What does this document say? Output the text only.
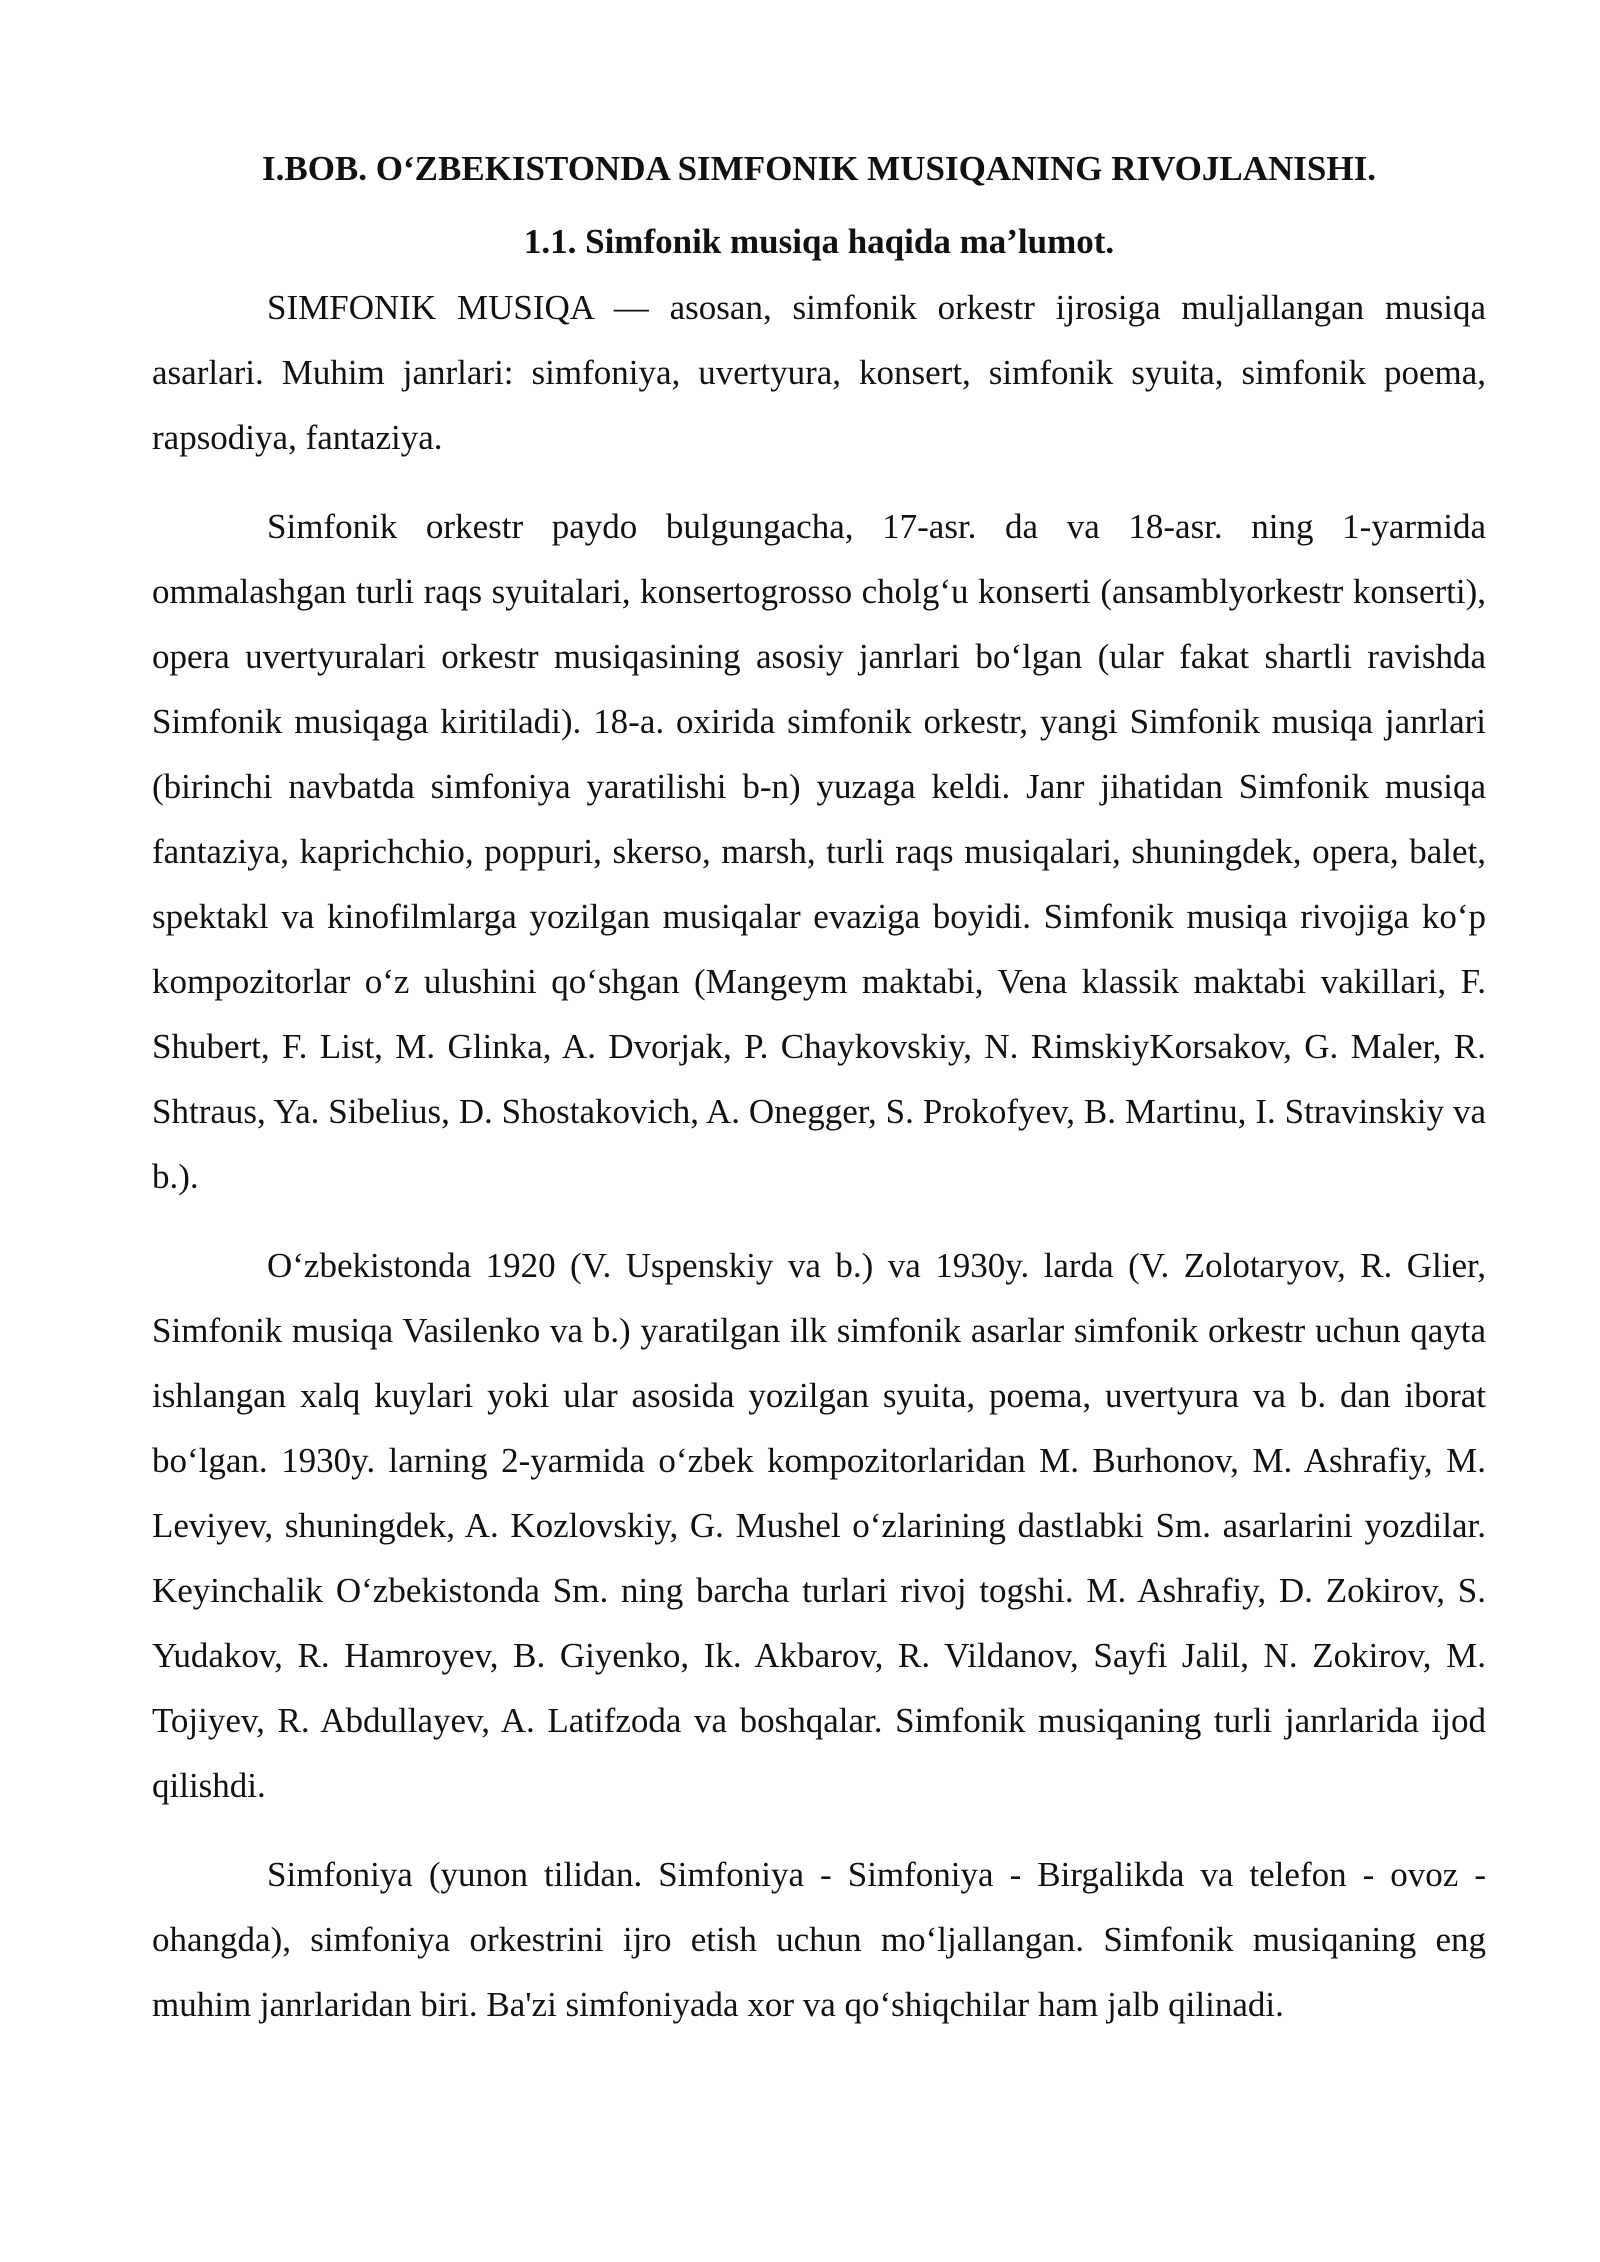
I.BOB. O‘ZBEKISTONDA SIMFONIK MUSIQANING RIVOJLANISHI.
1.1. Simfonik musiqa haqida ma’lumot.

SIMFONIK MUSIQA — asosan, simfonik orkestr ijrosiga muljallangan musiqa asarlari. Muhim janrlari: simfoniya, uvertyura, konsert, simfonik syuita, simfonik poema, rapsodiya, fantaziya.

Simfonik orkestr paydo bulgungacha, 17-asr. da va 18-asr. ning 1-yarmida ommalashgan turli raqs syuitalari, konsertogrosso cholg‘u konserti (ansamblyorkestr konserti), opera uvertyuralari orkestr musiqasining asosiy janrlari bo‘lgan (ular fakat shartli ravishda Simfonik musiqaga kiritiladi). 18-a. oxirida simfonik orkestr, yangi Simfonik musiqa janrlari (birinchi navbatda simfoniya yaratilishi b-n) yuzaga keldi. Janr jihatidan Simfonik musiqa fantaziya, kaprichchio, poppuri, skerso, marsh, turli raqs musiqalari, shuningdek, opera, balet, spektakl va kinofilmlarga yozilgan musiqalar evaziga boyidi. Simfonik musiqa rivojiga ko‘p kompozitorlar o‘z ulushini qo‘shgan (Mangeym maktabi, Vena klassik maktabi vakillari, F. Shubert, F. List, M. Glinka, A. Dvorjak, P. Chaykovskiy, N. RimskiyKorsakov, G. Maler, R. Shtraus, Ya. Sibelius, D. Shostakovich, A. Onegger, S. Prokofyev, B. Martinu, I. Stravinskiy va b.).

O‘zbekistonda 1920 (V. Uspenskiy va b.) va 1930y. larda (V. Zolotaryov, R. Glier, Simfonik musiqa Vasilenko va b.) yaratilgan ilk simfonik asarlar simfonik orkestr uchun qayta ishlangan xalq kuylari yoki ular asosida yozilgan syuita, poema, uvertyura va b. dan iborat bo‘lgan. 1930y. larning 2-yarmida o‘zbek kompozitorlaridan M. Burhonov, M. Ashrafiy, M. Leviyev, shuningdek, A. Kozlovskiy, G. Mushel o‘zlarining dastlabki Sm. asarlarini yozdilar. Keyinchalik O‘zbekistonda Sm. ning barcha turlari rivoj togshi. M. Ashrafiy, D. Zokirov, S. Yudakov, R. Hamroyev, B. Giyenko, Ik. Akbarov, R. Vildanov, Sayfi Jalil, N. Zokirov, M. Tojiyev, R. Abdullayev, A. Latifzoda va boshqalar. Simfonik musiqaning turli janrlarida ijod qilishdi.

Simfoniya (yunon tilidan. Simfoniya - Simfoniya - Birgalikda va telefon - ovoz - ohangda), simfoniya orkestrini ijro etish uchun mo‘ljallangan. Simfonik musiqaning eng muhim janrlaridan biri. Ba'zi simfoniyada xor va qo‘shiqchilar ham jalb qilinadi.
